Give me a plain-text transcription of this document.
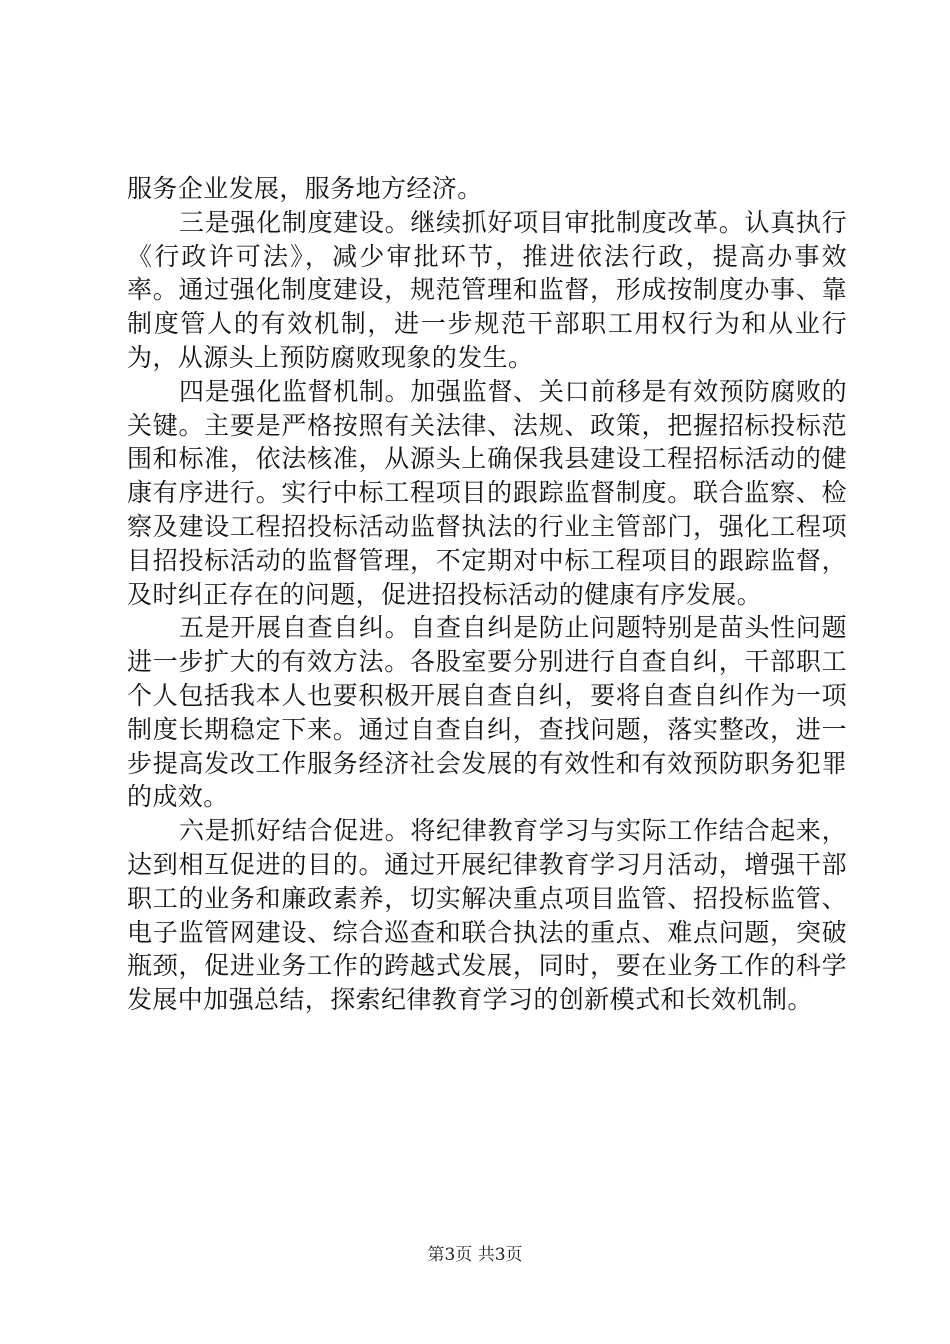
服务企业发展，服务地方经济。

三是强化制度建设。继续抓好项目审批制度改革。认真执行《行政许可法》，减少审批环节，推进依法行政，提高办事效率。通过强化制度建设，规范管理和监督，形成按制度办事、靠制度管人的有效机制，进一步规范干部职工用权行为和从业行为，从源头上预防腐败现象的发生。

四是强化监督机制。加强监督、关口前移是有效预防腐败的关键。主要是严格按照有关法律、法规、政策，把握招标投标范围和标准，依法核准，从源头上确保我县建设工程招标活动的健康有序进行。实行中标工程项目的跟踪监督制度。联合监察、检察及建设工程招投标活动监督执法的行业主管部门，强化工程项目招投标活动的监督管理，不定期对中标工程项目的跟踪监督，及时纠正存在的问题，促进招投标活动的健康有序发展。

五是开展自查自纠。自查自纠是防止问题特别是苗头性问题进一步扩大的有效方法。各股室要分别进行自查自纠，干部职工个人包括我本人也要积极开展自查自纠，要将自查自纠作为一项制度长期稳定下来。通过自查自纠，查找问题，落实整改，进一步提高发改工作服务经济社会发展的有效性和有效预防职务犯罪的成效。

六是抓好结合促进。将纪律教育学习与实际工作结合起来，达到相互促进的目的。通过开展纪律教育学习月活动，增强干部职工的业务和廉政素养，切实解决重点项目监管、招投标监管、电子监管网建设、综合巡查和联合执法的重点、难点问题，突破瓶颈，促进业务工作的跨越式发展，同时，要在业务工作的科学发展中加强总结，探索纪律教育学习的创新模式和长效机制。

第3页 共3页
